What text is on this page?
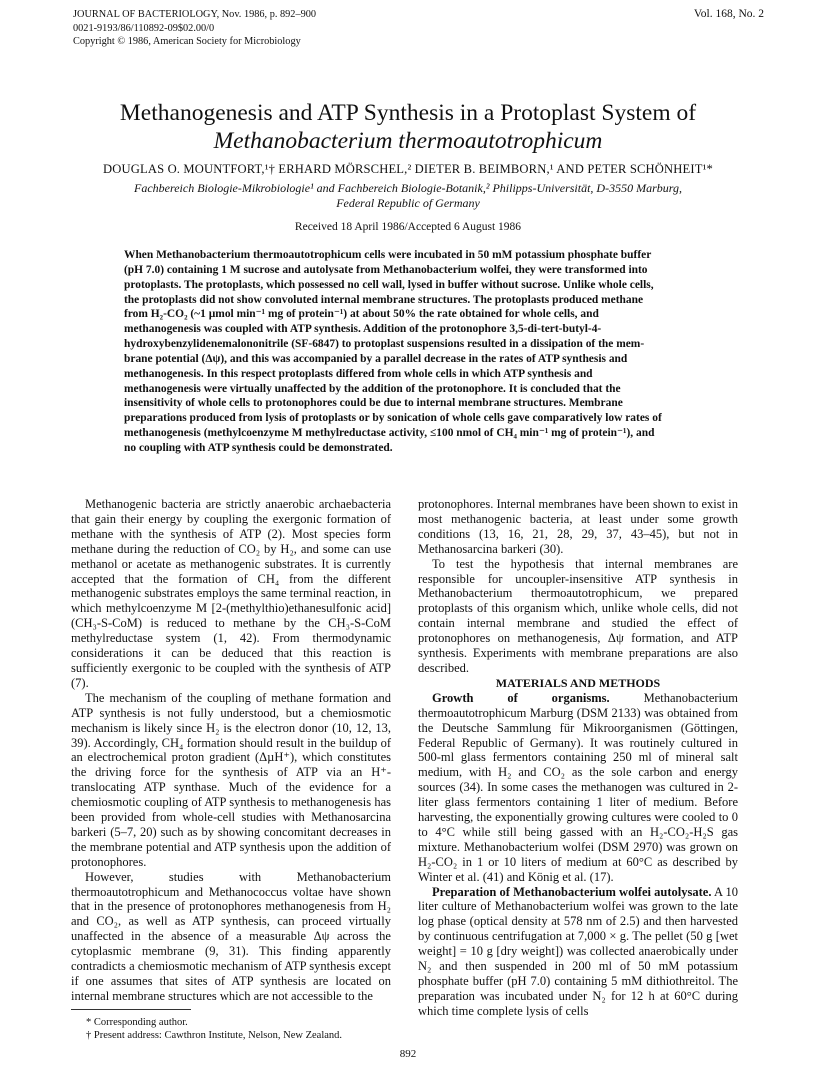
JOURNAL OF BACTERIOLOGY, Nov. 1986, p. 892–900
0021-9193/86/110892-09$02.00/0
Copyright © 1986, American Society for Microbiology
Vol. 168, No. 2
Methanogenesis and ATP Synthesis in a Protoplast System of
Methanobacterium thermoautotrophicum
DOUGLAS O. MOUNTFORT,¹† ERHARD MÖRSCHEL,² DIETER B. BEIMBORN,¹ AND PETER SCHÖNHEIT¹*
Fachbereich Biologie-Mikrobiologie¹ and Fachbereich Biologie-Botanik,² Philipps-Universität, D-3550 Marburg,
Federal Republic of Germany
Received 18 April 1986/Accepted 6 August 1986
When Methanobacterium thermoautotrophicum cells were incubated in 50 mM potassium phosphate buffer
(pH 7.0) containing 1 M sucrose and autolysate from Methanobacterium wolfei, they were transformed into
protoplasts. The protoplasts, which possessed no cell wall, lysed in buffer without sucrose. Unlike whole cells,
the protoplasts did not show convoluted internal membrane structures. The protoplasts produced methane
from H₂-CO₂ (~1 µmol min⁻¹ mg of protein⁻¹) at about 50% the rate obtained for whole cells, and
methanogenesis was coupled with ATP synthesis. Addition of the protonophore 3,5-di-tert-butyl-4-
hydroxybenzylidenemalononitrile (SF-6847) to protoplast suspensions resulted in a dissipation of the mem-
brane potential (Δψ), and this was accompanied by a parallel decrease in the rates of ATP synthesis and
methanogenesis. In this respect protoplasts differed from whole cells in which ATP synthesis and
methanogenesis were virtually unaffected by the addition of the protonophore. It is concluded that the
insensitivity of whole cells to protonophores could be due to internal membrane structures. Membrane
preparations produced from lysis of protoplasts or by sonication of whole cells gave comparatively low rates of
methanogenesis (methylcoenzyme M methylreductase activity, ≤100 nmol of CH₄ min⁻¹ mg of protein⁻¹), and
no coupling with ATP synthesis could be demonstrated.

Methanogenic bacteria are strictly anaerobic archaebacteria that gain their energy by coupling the exergonic formation of methane with the synthesis of ATP (2). Most species form methane during the reduction of CO₂ by H₂, and some can use methanol or acetate as methanogenic substrates. It is currently accepted that the formation of CH₄ from the different methanogenic substrates employs the same terminal reaction, in which methylcoenzyme M [2-(methylthio)ethanesulfonic acid] (CH₃-S-CoM) is reduced to methane by the CH₃-S-CoM methylreductase system (1, 42). From thermodynamic considerations it can be deduced that this reaction is sufficiently exergonic to be coupled with the synthesis of ATP (7).

The mechanism of the coupling of methane formation and ATP synthesis is not fully understood, but a chemiosmotic mechanism is likely since H₂ is the electron donor (10, 12, 13, 39). Accordingly, CH₄ formation should result in the buildup of an electrochemical proton gradient (ΔµH⁺), which constitutes the driving force for the synthesis of ATP via an H⁺-translocating ATP synthase. Much of the evidence for a chemiosmotic coupling of ATP synthesis to methanogenesis has been provided from whole-cell studies with Methanosarcina barkeri (5–7, 20) such as by showing concomitant decreases in the membrane potential and ATP synthesis upon the addition of protonophores.

However, studies with Methanobacterium thermoautotrophicum and Methanococcus voltae have shown that in the presence of protonophores methanogenesis from H₂ and CO₂, as well as ATP synthesis, can proceed virtually unaffected in the absence of a measurable Δψ across the cytoplasmic membrane (9, 31). This finding apparently contradicts a chemiosmotic mechanism of ATP synthesis except if one assumes that sites of ATP synthesis are located on internal membrane structures which are not accessible to the

protonophores. Internal membranes have been shown to exist in most methanogenic bacteria, at least under some growth conditions (13, 16, 21, 28, 29, 37, 43–45), but not in Methanosarcina barkeri (30).

To test the hypothesis that internal membranes are responsible for uncoupler-insensitive ATP synthesis in Methanobacterium thermoautotrophicum, we prepared protoplasts of this organism which, unlike whole cells, did not contain internal membrane and studied the effect of protonophores on methanogenesis, Δψ formation, and ATP synthesis. Experiments with membrane preparations are also described.

MATERIALS AND METHODS

Growth of organisms.	Methanobacterium thermoautotrophicum Marburg (DSM 2133) was obtained from the Deutsche Sammlung für Mikroorganismen (Göttingen, Federal Republic of Germany). It was routinely cultured in 500-ml glass fermentors containing 250 ml of mineral salt medium, with H₂ and CO₂ as the sole carbon and energy sources (34). In some cases the methanogen was cultured in 2-liter glass fermentors containing 1 liter of medium. Before harvesting, the exponentially growing cultures were cooled to 0 to 4°C while still being gassed with an H₂-CO₂-H₂S gas mixture. Methanobacterium wolfei (DSM 2970) was grown on H₂-CO₂ in 1 or 10 liters of medium at 60°C as described by Winter et al. (41) and König et al. (17).

Preparation of Methanobacterium wolfei autolysate. A 10 liter culture of Methanobacterium wolfei was grown to the late log phase (optical density at 578 nm of 2.5) and then harvested by continuous centrifugation at 7,000 × g. The pellet (50 g [wet weight] = 10 g [dry weight]) was collected anaerobically under N₂ and then suspended in 200 ml of 50 mM potassium phosphate buffer (pH 7.0) containing 5 mM dithiothreitol. The preparation was incubated under N₂ for 12 h at 60°C during which time complete lysis of cells

* Corresponding author.
† Present address: Cawthron Institute, Nelson, New Zealand.
892
